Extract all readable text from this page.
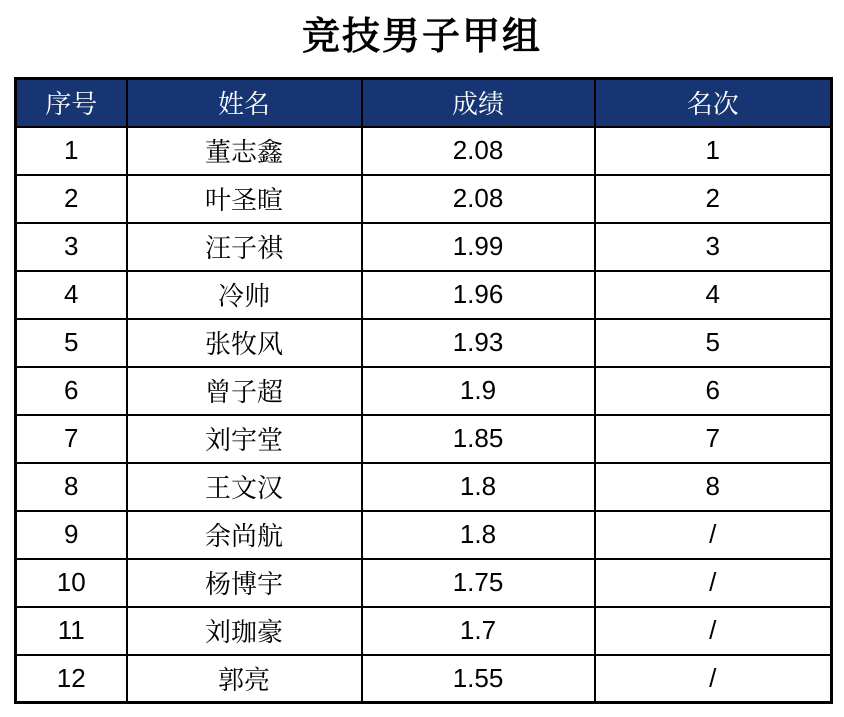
竞技男子甲组
序号	姓名	成绩	名次
1	董志鑫	2.08	1
2	叶圣暄	2.08	2
3	汪子祺	1.99	3
4	冷帅	1.96	4
5	张牧风	1.93	5
6	曾子超	1.9	6
7	刘宇堂	1.85	7
8	王文汉	1.8	8
9	余尚航	1.8	/
10	杨博宇	1.75	/
11	刘珈豪	1.7	/
12	郭亮	1.55	/
